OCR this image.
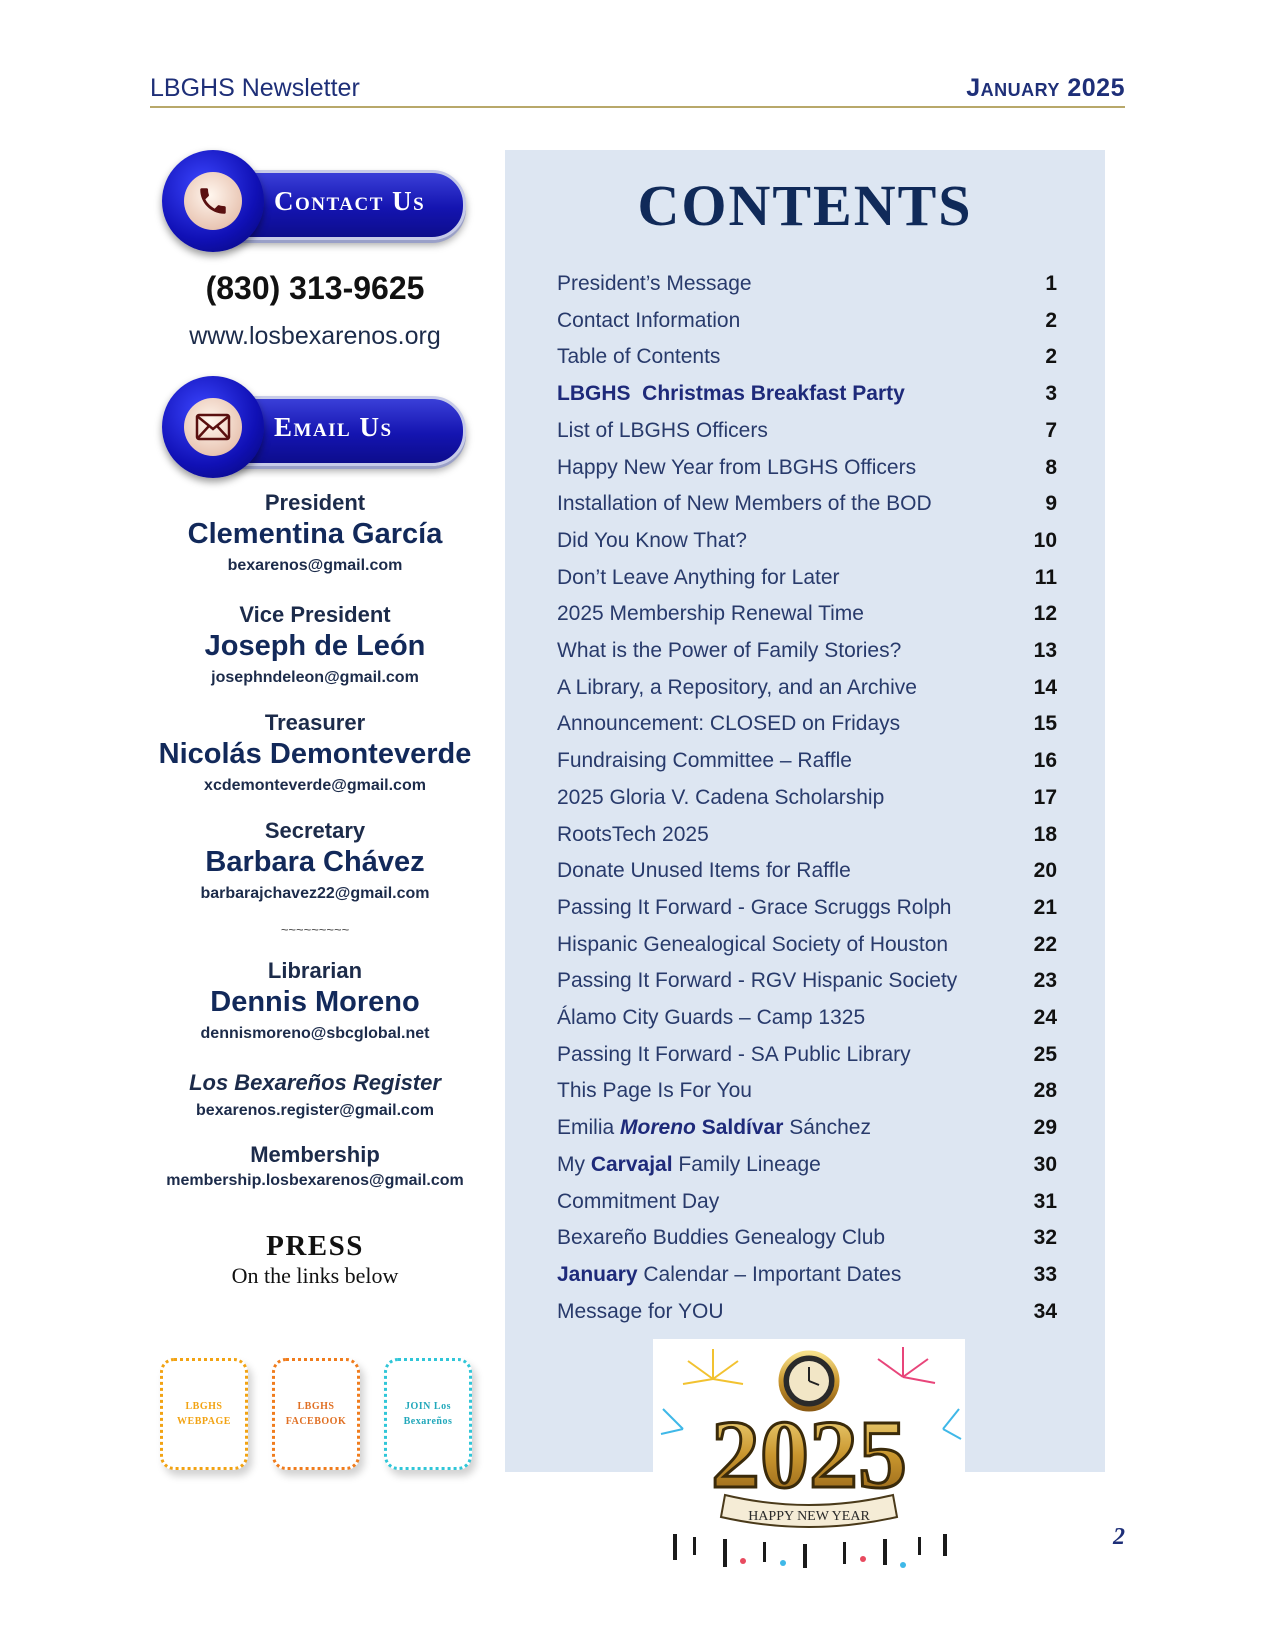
LBGHS Newsletter	January 2025
Contact Us
(830) 313-9625
www.losbexarenos.org
Email Us
President
Clementina García
bexarenos@gmail.com
Vice President
Joseph de León
josephndeleon@gmail.com
Treasurer
Nicolás Demonteverde
xcdemonteverde@gmail.com
Secretary
Barbara Chávez
barbarajchavez22@gmail.com
~~~~~~~~~
Librarian
Dennis Moreno
dennismoreno@sbcglobal.net
Los Bexareños Register
bexarenos.register@gmail.com
Membership
membership.losbexarenos@gmail.com
PRESS
On the links below
LBGHS WEBPAGE
LBGHS FACEBOOK
JOIN Los Bexareños
CONTENTS
President’s Message	1
Contact Information	2
Table of Contents	2
LBGHS  Christmas Breakfast Party	3
List of LBGHS Officers	7
Happy New Year from LBGHS Officers	8
Installation of New Members of the BOD	9
Did You Know That?	10
Don’t Leave Anything for Later	11
2025 Membership Renewal Time	12
What is the Power of Family Stories?	13
A Library, a Repository, and an Archive	14
Announcement: CLOSED on Fridays	15
Fundraising Committee – Raffle	16
2025 Gloria V. Cadena Scholarship	17
RootsTech 2025	18
Donate Unused Items for Raffle	20
Passing It Forward - Grace Scruggs Rolph	21
Hispanic Genealogical Society of Houston	22
Passing It Forward - RGV Hispanic Society	23
Álamo City Guards – Camp 1325	24
Passing It Forward - SA Public Library	25
This Page Is For You	28
Emilia Moreno Saldívar Sánchez	29
My Carvajal Family Lineage	30
Commitment Day	31
Bexareño Buddies Genealogy Club	32
January Calendar – Important Dates	33
Message for YOU	34
2025
HAPPY NEW YEAR
2
